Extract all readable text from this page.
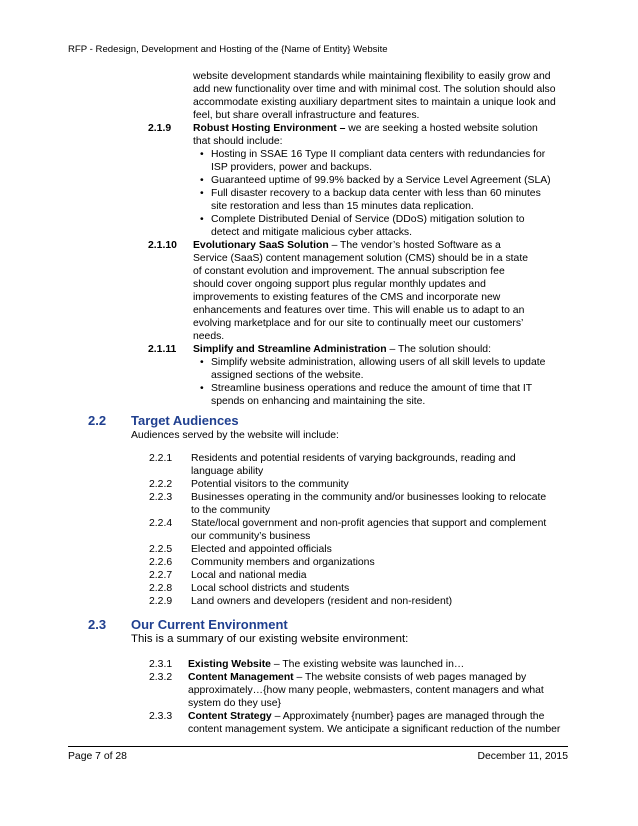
RFP - Redesign, Development and Hosting of the {Name of Entity} Website
website development standards while maintaining flexibility to easily grow and
add new functionality over time and with minimal cost. The solution should also
accommodate existing auxiliary department sites to maintain a unique look and
feel, but share overall infrastructure and features.
2.1.9 Robust Hosting Environment – we are seeking a hosted website solution
that should include:
• Hosting in SSAE 16 Type II compliant data centers with redundancies for
ISP providers, power and backups.
• Guaranteed uptime of 99.9% backed by a Service Level Agreement (SLA)
• Full disaster recovery to a backup data center with less than 60 minutes
site restoration and less than 15 minutes data replication.
• Complete Distributed Denial of Service (DDoS) mitigation solution to
detect and mitigate malicious cyber attacks.
2.1.10 Evolutionary SaaS Solution – The vendor’s hosted Software as a
Service (SaaS) content management solution (CMS) should be in a state
of constant evolution and improvement. The annual subscription fee
should cover ongoing support plus regular monthly updates and
improvements to existing features of the CMS and incorporate new
enhancements and features over time. This will enable us to adapt to an
evolving marketplace and for our site to continually meet our customers’
needs.
2.1.11 Simplify and Streamline Administration – The solution should:
• Simplify website administration, allowing users of all skill levels to update
assigned sections of the website.
• Streamline business operations and reduce the amount of time that IT
spends on enhancing and maintaining the site.
2.2 Target Audiences
Audiences served by the website will include:
2.2.1 Residents and potential residents of varying backgrounds, reading and
language ability
2.2.2 Potential visitors to the community
2.2.3 Businesses operating in the community and/or businesses looking to relocate
to the community
2.2.4 State/local government and non-profit agencies that support and complement
our community’s business
2.2.5 Elected and appointed officials
2.2.6 Community members and organizations
2.2.7 Local and national media
2.2.8 Local school districts and students
2.2.9 Land owners and developers (resident and non-resident)
2.3 Our Current Environment
This is a summary of our existing website environment:
2.3.1 Existing Website – The existing website was launched in…
2.3.2 Content Management – The website consists of web pages managed by
approximately…{how many people, webmasters, content managers and what
system do they use}
2.3.3 Content Strategy – Approximately {number} pages are managed through the
content management system. We anticipate a significant reduction of the number
Page 7 of 28	December 11, 2015
